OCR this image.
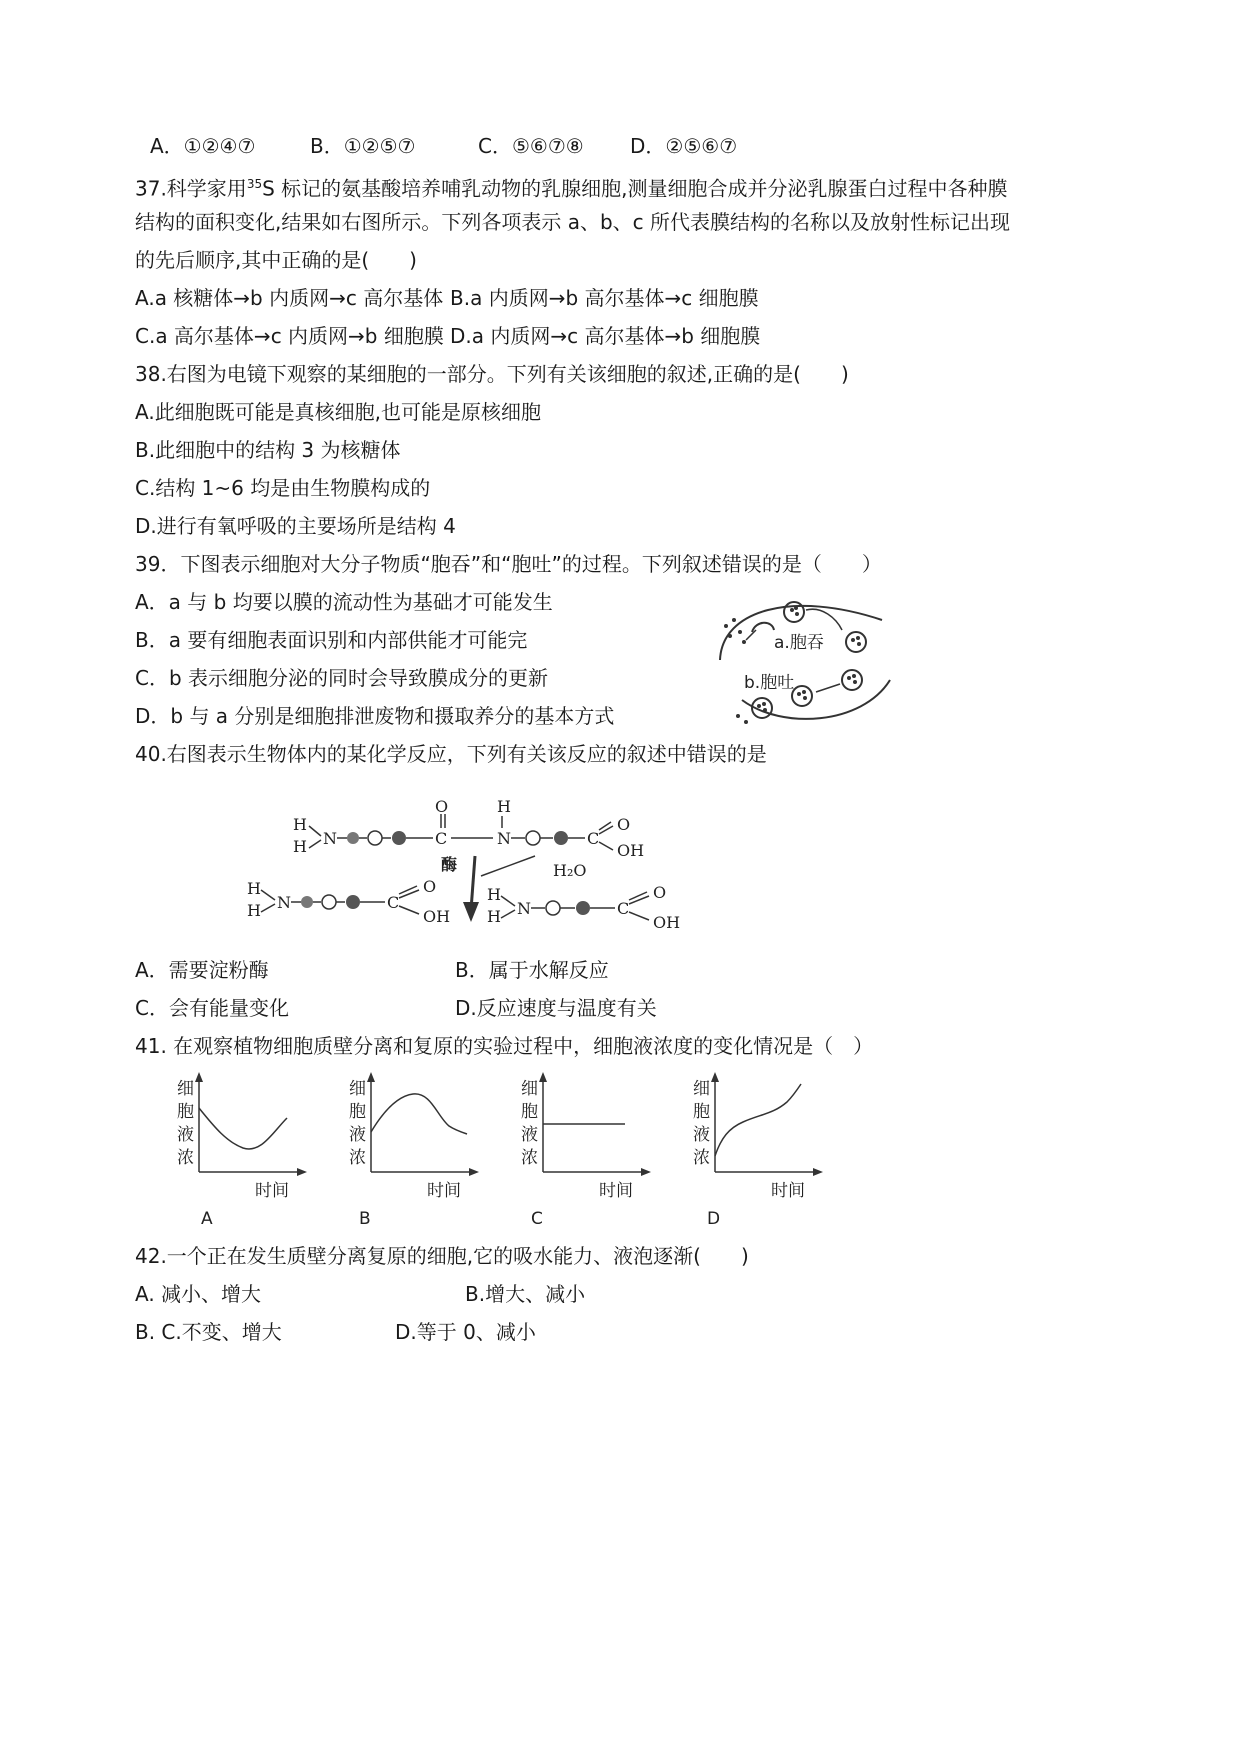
A．①②④⑦	B．①②⑤⑦	C．⑤⑥⑦⑧ D．②⑤⑥⑦
37.科学家用$^{35}$S 标记的氨基酸培养哺乳动物的乳腺细胞,测量细胞合成并分泌乳腺蛋白过程中各种膜
结构的面积变化,结果如右图所示。下列各项表示 a、b、c 所代表膜结构的名称以及放射性标记出现
的先后顺序,其中正确的是(　　)
A.a 核糖体→b 内质网→c 高尔基体 B.a 内质网→b 高尔基体→c 细胞膜
C.a 高尔基体→c 内质网→b 细胞膜 D.a 内质网→c 高尔基体→b 细胞膜
38.右图为电镜下观察的某细胞的一部分。下列有关该细胞的叙述,正确的是(　　)
A.此细胞既可能是真核细胞,也可能是原核细胞
B.此细胞中的结构 3 为核糖体
C.结构 1~6 均是由生物膜构成的
D.进行有氧呼吸的主要场所是结构 4
39．下图表示细胞对大分子物质“胞吞”和“胞吐”的过程。下列叙述错误的是（　　）
A．a 与 b 均要以膜的流动性为基础才可能发生
B．a 要有细胞表面识别和内部供能才可能完
C．b 表示细胞分泌的同时会导致膜成分的更新
D．b 与 a 分别是细胞排泄废物和摄取养分的基本方式
a.胞吞
b.胞吐
40.右图表示生物体内的某化学反应，下列有关该反应的叙述中错误的是
H
H N	C
O	H
N	C
O
OH
酶	H₂O
H
H N	C
O
OH
H
H N	C
O
OH
A．需要淀粉酶	B．属于水解反应
C．会有能量变化	D.反应速度与温度有关
41. 在观察植物细胞质壁分离和复原的实验过程中，细胞液浓度的变化情况是（　）
细
胞
液
浓
时间
A
细
胞
液
浓
时间
B
细
胞
液
浓
时间
C
细
胞
液
浓
时间
D
42.一个正在发生质壁分离复原的细胞,它的吸水能力、液泡逐渐(　　)
A. 减小、增大	B.增大、减小
B. C.不变、增大	D.等于 0、减小
